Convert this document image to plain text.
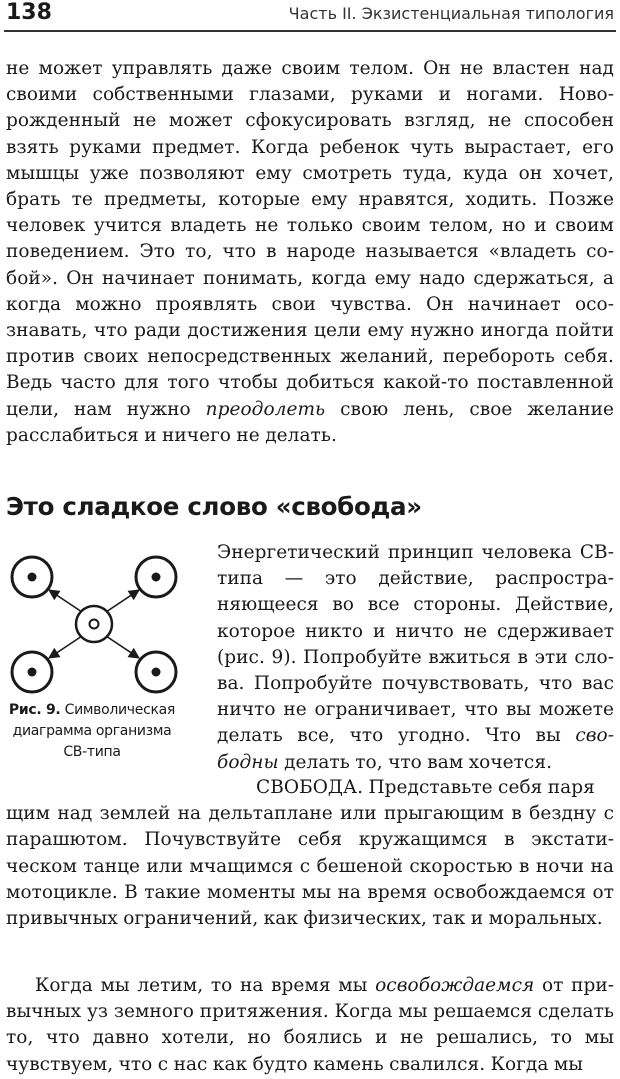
138	Часть II. Экзистенциальная типология

не может управлять даже своим телом. Он не властен над своими собственными глазами, руками и ногами. Новорожденный не может сфокусировать взгляд, не способен взять руками предмет. Когда ребенок чуть вырастает, его мышцы уже позволяют ему смотреть туда, куда он хочет, брать те предметы, которые ему нравятся, ходить. Позже человек учится владеть не только своим телом, но и своим поведением. Это то, что в народе называется «владеть собой». Он начинает понимать, когда ему надо сдержаться, а когда можно проявлять свои чувства. Он начинает осознавать, что ради достижения цели ему нужно иногда пойти против своих непосредственных желаний, перебороть себя. Ведь часто для того чтобы добиться какой-то поставленной цели, нам нужно преодолеть свою лень, свое желание расслабиться и ничего не делать.

Это сладкое слово «свобода»
Рис. 9. Символическая диаграмма организма СВ-типа

Энергетический принцип человека СВ-типа — это действие, распространяющееся во все стороны. Действие, которое никто и ничто не сдерживает (рис. 9). Попробуйте вжиться в эти слова. Попробуйте почувствовать, что вас ничто не ограничивает, что вы можете делать все, что угодно. Что вы свободны делать то, что вам хочется.

СВОБОДА. Представьте себя паря
щим над землей на дельтаплане или прыгающим в бездну с парашютом. Почувствуйте себя кружащимся в экстатическом танце или мчащимся с бешеной скоростью в ночи на мотоцикле. В такие моменты мы на время освобождаемся от привычных ограничений, как физических, так и моральных.

Когда мы летим, то на время мы освобождаемся от привычных уз земного притяжения. Когда мы решаемся сделать то, что давно хотели, но боялись и не решались, то мы чувствуем, что с нас как будто камень свалился. Когда мы
